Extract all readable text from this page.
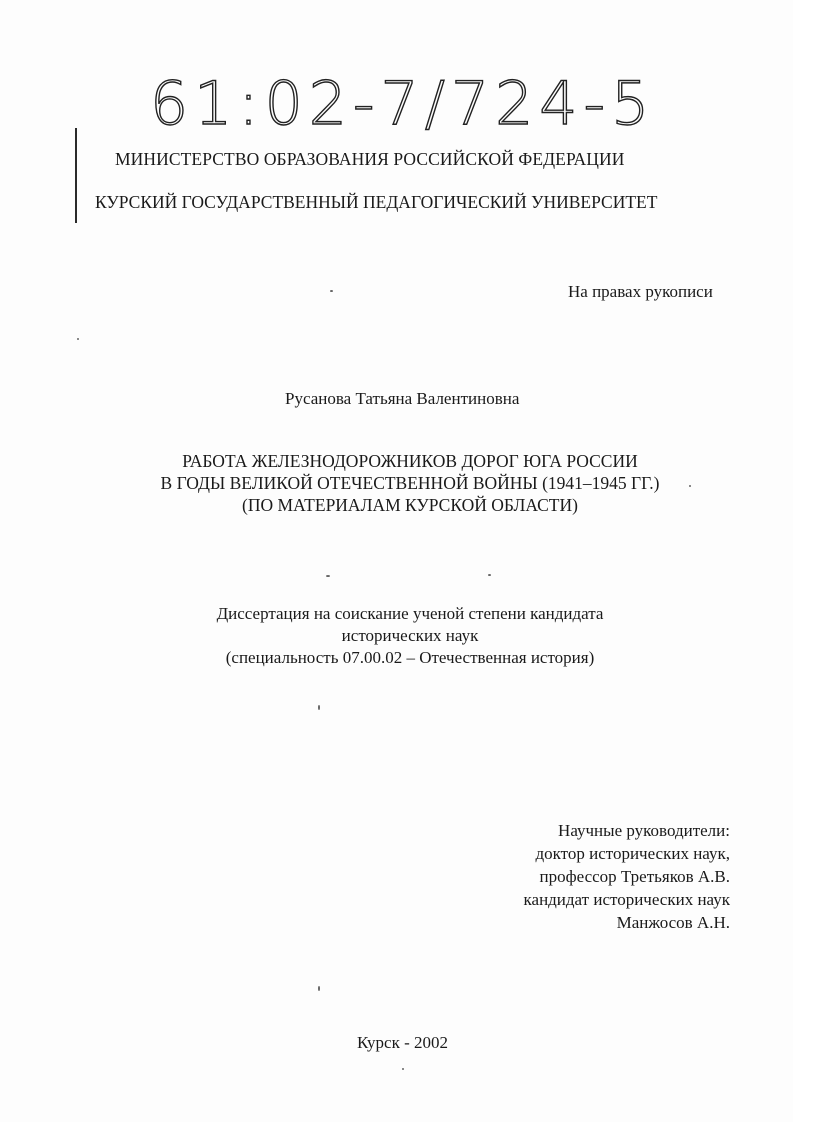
61:02-7/724-5
МИНИСТЕРСТВО ОБРАЗОВАНИЯ РОССИЙСКОЙ ФЕДЕРАЦИИ
КУРСКИЙ ГОСУДАРСТВЕННЫЙ ПЕДАГОГИЧЕСКИЙ УНИВЕРСИТЕТ
На правах рукописи
Русанова Татьяна Валентиновна
РАБОТА ЖЕЛЕЗНОДОРОЖНИКОВ ДОРОГ ЮГА РОССИИ
В ГОДЫ ВЕЛИКОЙ ОТЕЧЕСТВЕННОЙ ВОЙНЫ (1941–1945 ГГ.)
(ПО МАТЕРИАЛАМ КУРСКОЙ ОБЛАСТИ)
Диссертация на соискание ученой степени кандидата
исторических наук
(специальность 07.00.02 – Отечественная история)
Научные руководители:
доктор исторических наук,
профессор Третьяков А.В.
кандидат исторических наук
Манжосов А.Н.
Курск - 2002
